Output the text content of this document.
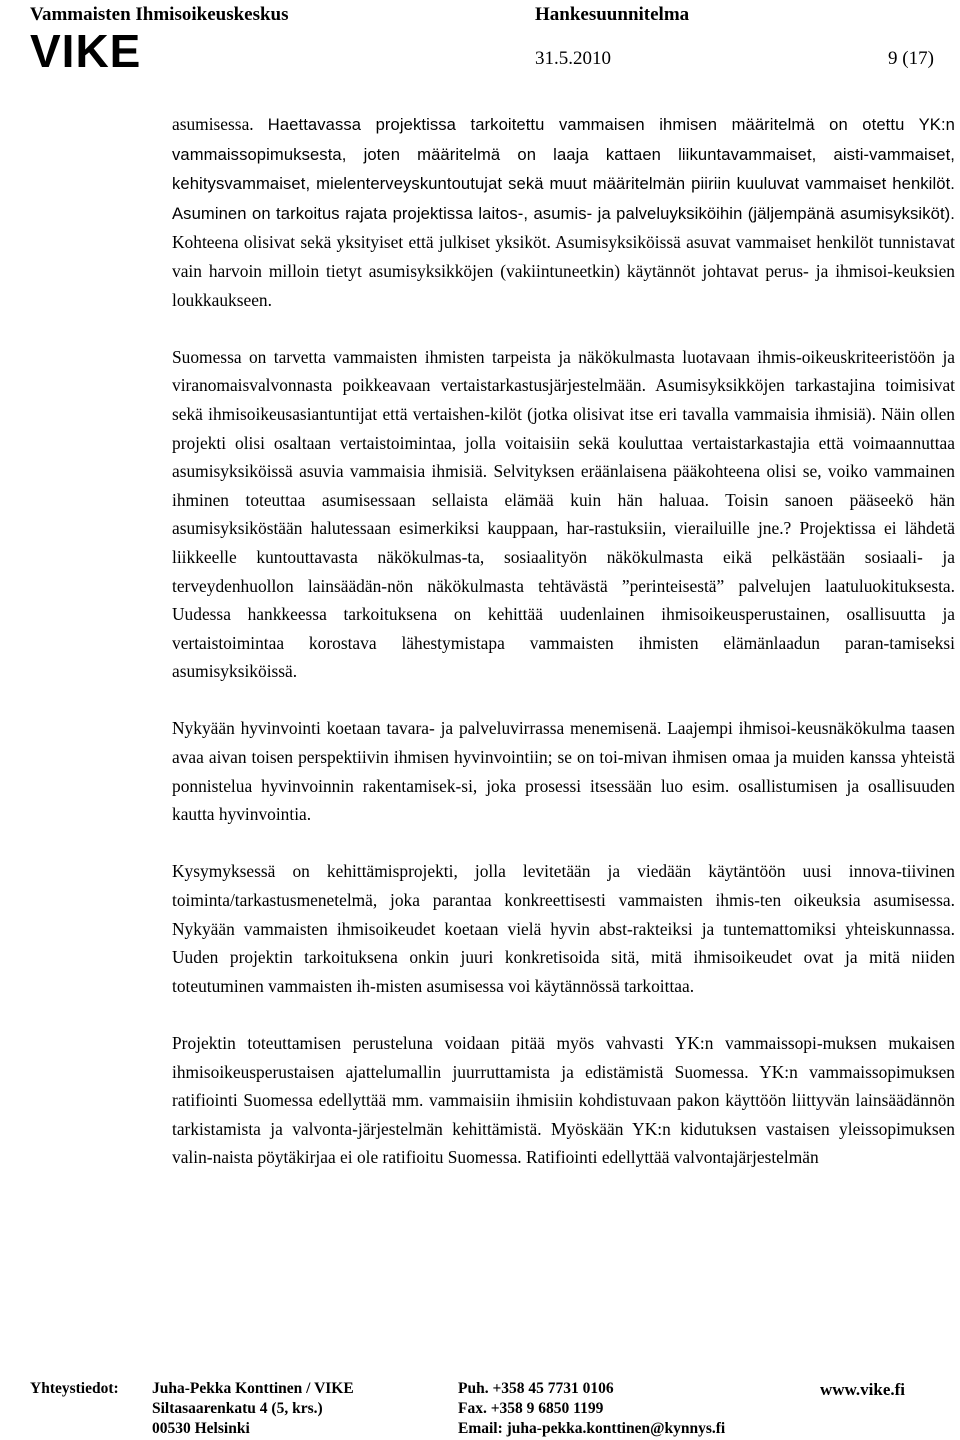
Vammaisten Ihmisoikeuskeskus	Hankesuunnitelma
VIKE	31.5.2010	9 (17)

asumisessa. Haettavassa projektissa tarkoitettu vammaisen ihmisen määritelmä on otettu YK:n vammaissopimuksesta, joten määritelmä on laaja kattaen liikuntavammaiset, aisti-vammaiset, kehitysvammaiset, mielenterveyskuntoutujat sekä muut määritelmän piiriin kuuluvat vammaiset henkilöt. Asuminen on tarkoitus rajata projektissa laitos-, asumis- ja palveluyksiköihin (jäljempänä asumisyksiköt). Kohteena olisivat sekä yksityiset että julkiset yksiköt. Asumisyksiköissä asuvat vammaiset henkilöt tunnistavat vain harvoin milloin tietyt asumisyksikköjen (vakiintuneetkin) käytännöt johtavat perus- ja ihmisoi-keuksien loukkaukseen.

Suomessa on tarvetta vammaisten ihmisten tarpeista ja näkökulmasta luotavaan ihmis-oikeuskriteeristöön ja viranomaisvalvonnasta poikkeavaan vertaistarkastusjärjestelmään. Asumisyksikköjen tarkastajina toimisivat sekä ihmisoikeusasiantuntijat että vertaishen-kilöt (jotka olisivat itse eri tavalla vammaisia ihmisiä). Näin ollen projekti olisi osaltaan vertaistoimintaa, jolla voitaisiin sekä kouluttaa vertaistarkastajia että voimaannuttaa asumisyksiköissä asuvia vammaisia ihmisiä. Selvityksen eräänlaisena pääkohteena olisi se, voiko vammainen ihminen toteuttaa asumisessaan sellaista elämää kuin hän haluaa. Toisin sanoen pääseekö hän asumisyksiköstään halutessaan esimerkiksi kauppaan, har-rastuksiin, vierailuille jne.? Projektissa ei lähdetä liikkeelle kuntouttavasta näkökulmas-ta, sosiaalityön näkökulmasta eikä pelkästään sosiaali- ja terveydenhuollon lainsäädän-nön näkökulmasta tehtävästä ”perinteisestä” palvelujen laatuluokituksesta. Uudessa hankkeessa tarkoituksena on kehittää uudenlainen ihmisoikeusperustainen, osallisuutta ja vertaistoimintaa korostava lähestymistapa vammaisten ihmisten elämänlaadun paran-tamiseksi asumisyksiköissä.

Nykyään hyvinvointi koetaan tavara- ja palveluvirrassa menemisenä. Laajempi ihmisoi-keusnäkökulma taasen avaa aivan toisen perspektiivin ihmisen hyvinvointiin; se on toi-mivan ihmisen omaa ja muiden kanssa yhteistä ponnistelua hyvinvoinnin rakentamisek-si, joka prosessi itsessään luo esim. osallistumisen ja osallisuuden kautta hyvinvointia.

Kysymyksessä on kehittämisprojekti, jolla levitetään ja viedään käytäntöön uusi innova-tiivinen toiminta/tarkastusmenetelmä, joka parantaa konkreettisesti vammaisten ihmis-ten oikeuksia asumisessa. Nykyään vammaisten ihmisoikeudet koetaan vielä hyvin abst-rakteiksi ja tuntemattomiksi yhteiskunnassa. Uuden projektin tarkoituksena onkin juuri konkretisoida sitä, mitä ihmisoikeudet ovat ja mitä niiden toteutuminen vammaisten ih-misten asumisessa voi käytännössä tarkoittaa.

Projektin toteuttamisen perusteluna voidaan pitää myös vahvasti YK:n vammaissopi-muksen mukaisen ihmisoikeusperustaisen ajattelumallin juurruttamista ja edistämistä Suomessa. YK:n vammaissopimuksen ratifiointi Suomessa edellyttää mm. vammaisiin ihmisiin kohdistuvaan pakon käyttöön liittyvän lainsäädännön tarkistamista ja valvonta-järjestelmän kehittämistä. Myöskään YK:n kidutuksen vastaisen yleissopimuksen valin-naista pöytäkirjaa ei ole ratifioitu Suomessa. Ratifiointi edellyttää valvontajärjestelmän

Yhteystiedot: Juha-Pekka Konttinen / VIKE
Siltasaarenkatu 4 (5, krs.)
00530 Helsinki
Puh. +358 45 7731 0106
Fax. +358 9 6850 1199
Email: juha-pekka.konttinen@kynnys.fi
www.vike.fi
